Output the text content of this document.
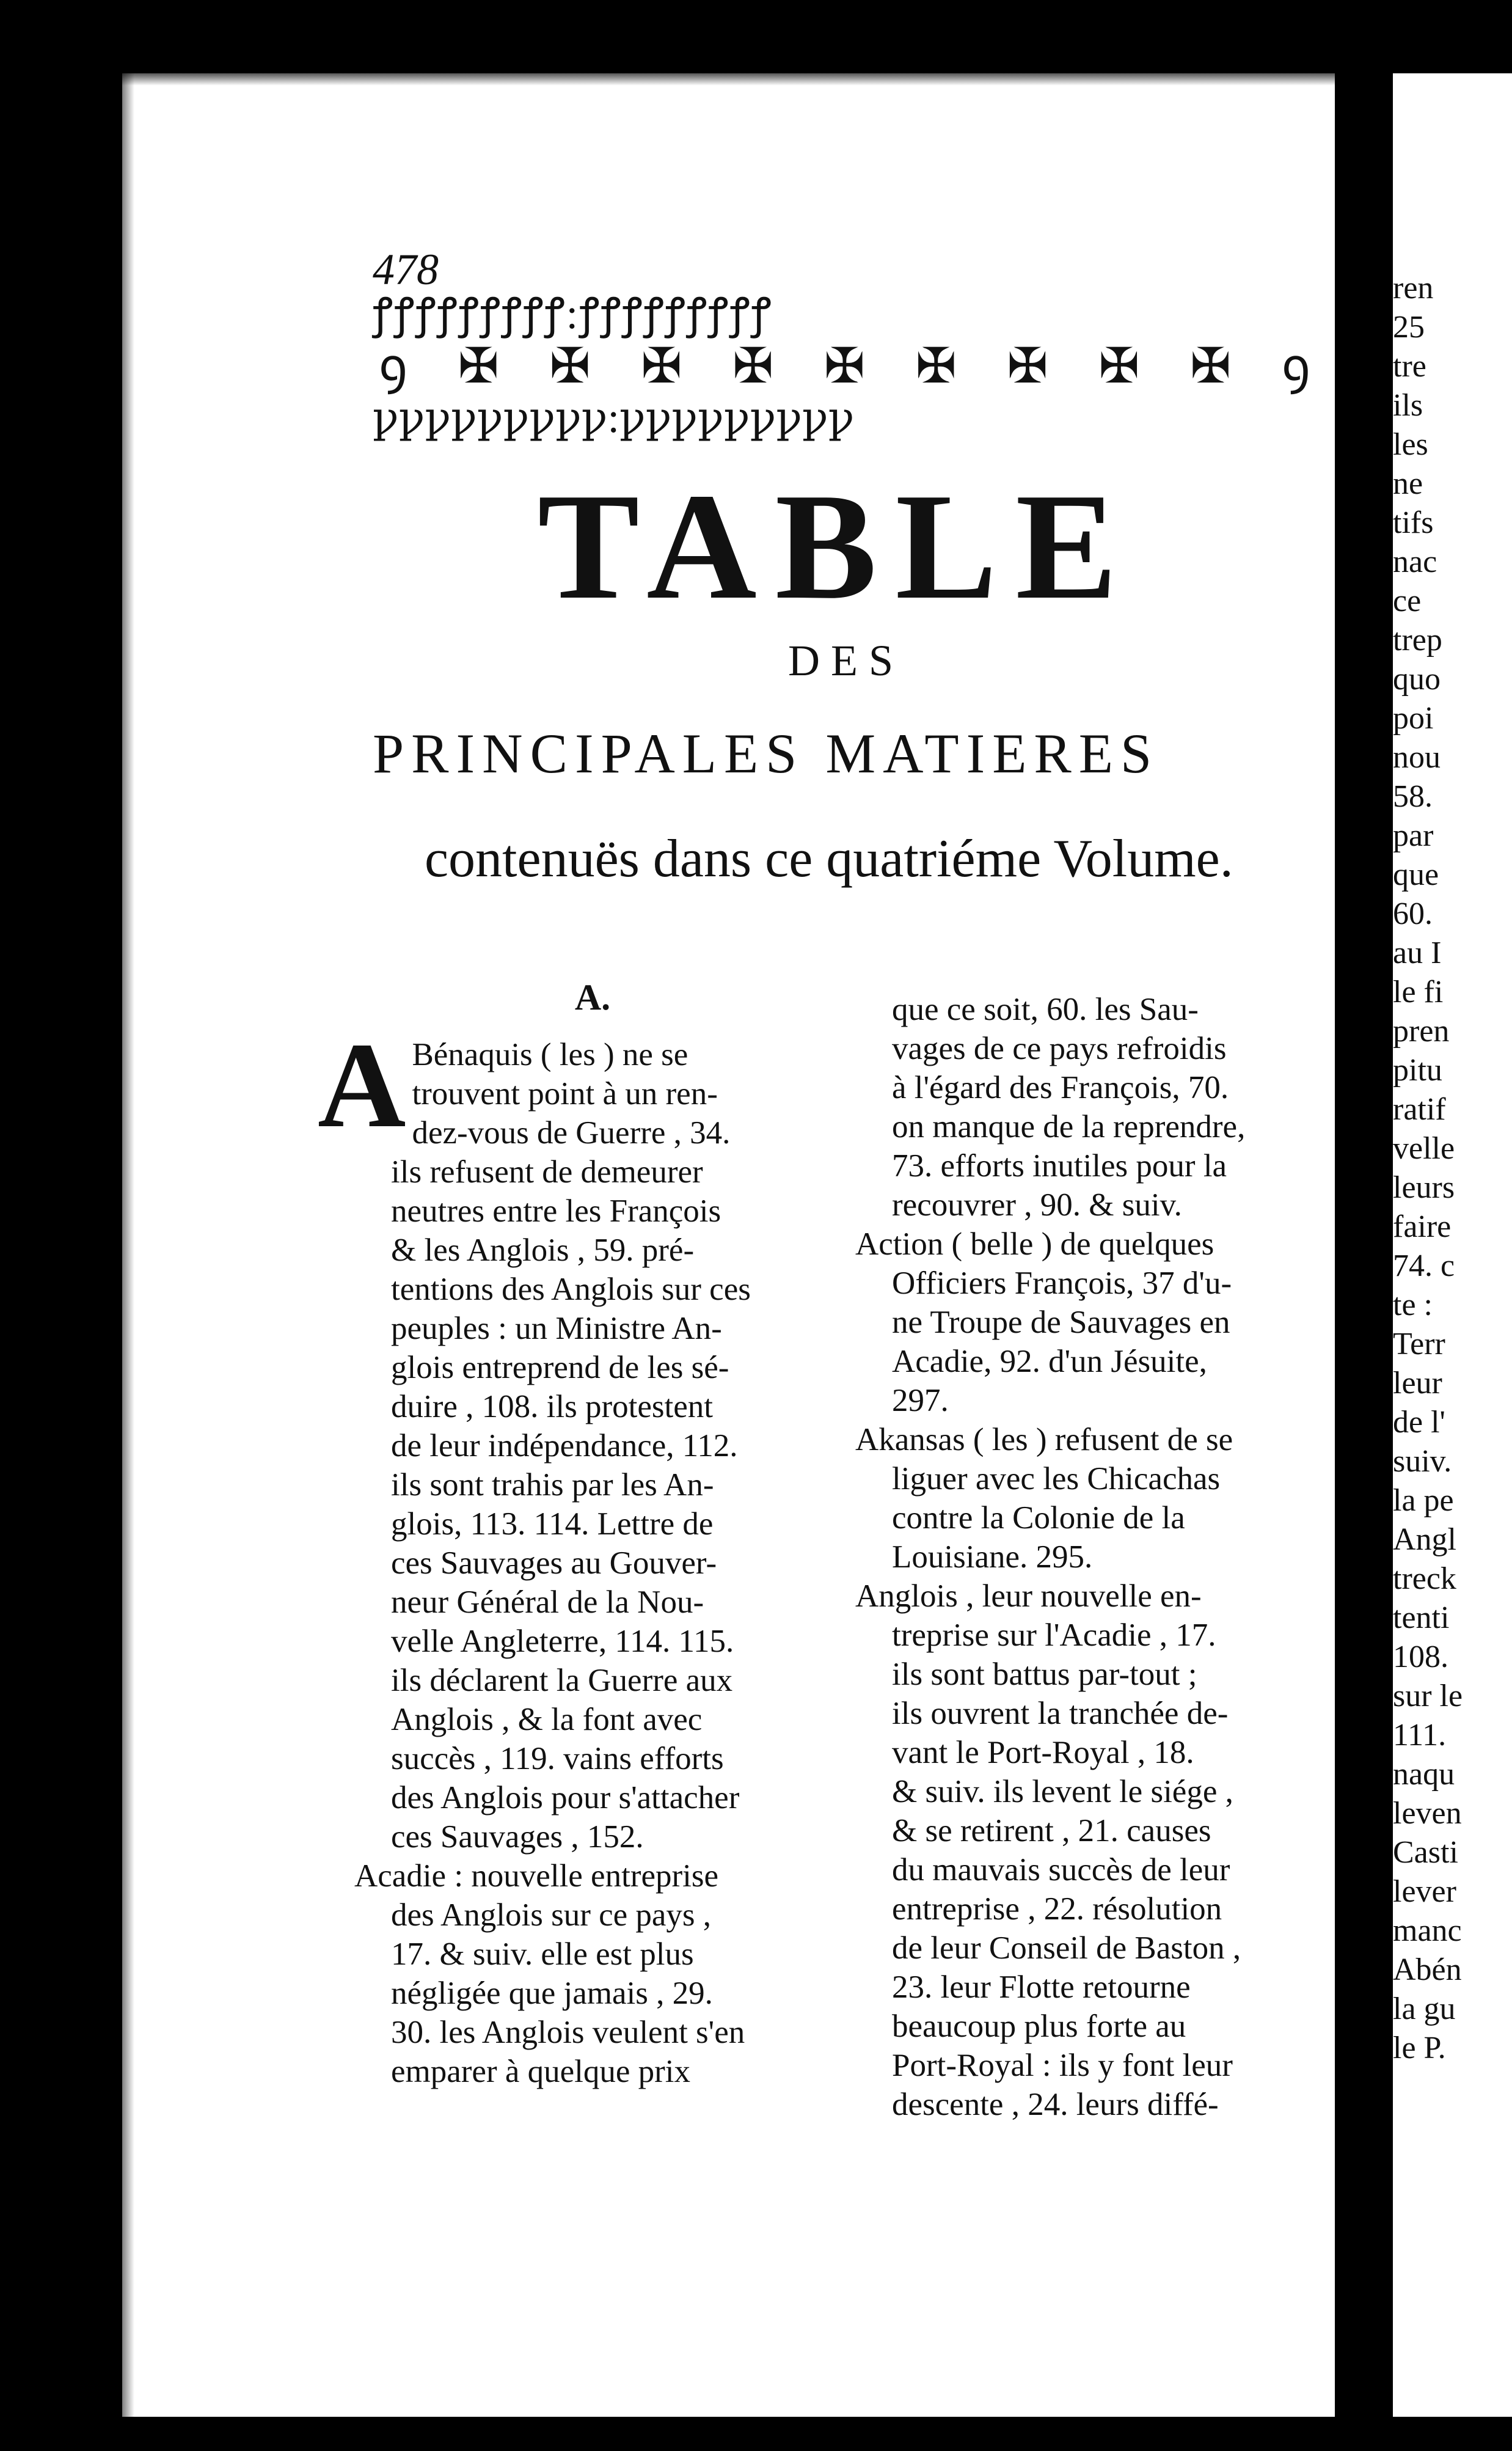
478
ꝭꝭꝭꝭꝭꝭꝭꝭꝭ:ꝭꝭꝭꝭꝭꝭꝭꝭꝭ
ꝯ ✠ ✠ ✠ ✠ ✠ ✠ ✠ ✠ ✠ ꝯ
ꝩꝩꝩꝩꝩꝩꝩꝩꝩ:ꝩꝩꝩꝩꝩꝩꝩꝩꝩ
TABLE
DES
PRINCIPALES MATIERES
contenuës dans ce quatriéme Volume.
A.
A Bénaquis ( les ) ne se
trouvent point à un ren-
dez-vous de Guerre , 34.
ils refusent de demeurer
neutres entre les François
& les Anglois , 59. pré-
tentions des Anglois sur ces
peuples : un Ministre An-
glois entreprend de les sé-
duire , 108. ils protestent
de leur indépendance, 112.
ils sont trahis par les An-
glois, 113. 114. Lettre de
ces Sauvages au Gouver-
neur Général de la Nou-
velle Angleterre, 114. 115.
ils déclarent la Guerre aux
Anglois , & la font avec
succès , 119. vains efforts
des Anglois pour s'attacher
ces Sauvages , 152.
Acadie : nouvelle entreprise
des Anglois sur ce pays ,
17. & suiv. elle est plus
négligée que jamais , 29.
30. les Anglois veulent s'en
emparer à quelque prix
que ce soit, 60. les Sau-
vages de ce pays refroidis
à l'égard des François, 70.
on manque de la reprendre,
73. efforts inutiles pour la
recouvrer , 90. & suiv.
Action ( belle ) de quelques
Officiers François, 37 d'u-
ne Troupe de Sauvages en
Acadie, 92. d'un Jésuite,
297.
Akansas ( les ) refusent de se
liguer avec les Chicachas
contre la Colonie de la
Louisiane. 295.
Anglois , leur nouvelle en-
treprise sur l'Acadie , 17.
ils sont battus par-tout ;
ils ouvrent la tranchée de-
vant le Port-Royal , 18.
& suiv. ils levent le siége ,
& se retirent , 21. causes
du mauvais succès de leur
entreprise , 22. résolution
de leur Conseil de Baston ,
23. leur Flotte retourne
beaucoup plus forte au
Port-Royal : ils y font leur
descente , 24. leurs diffé-
ren
25
tre
ils
les
ne
tifs
nac
ce
trep
quo
poi
nou
58.
par
que
60.
au I
le fi
pren
pitu
ratif
velle
leurs
faire
74. c
te :
Terr
leur
de l'
suiv.
la pe
Angl
treck
tenti
108.
sur le
111.
naqu
leven
Casti
lever
manc
Abén
la gu
le P.
